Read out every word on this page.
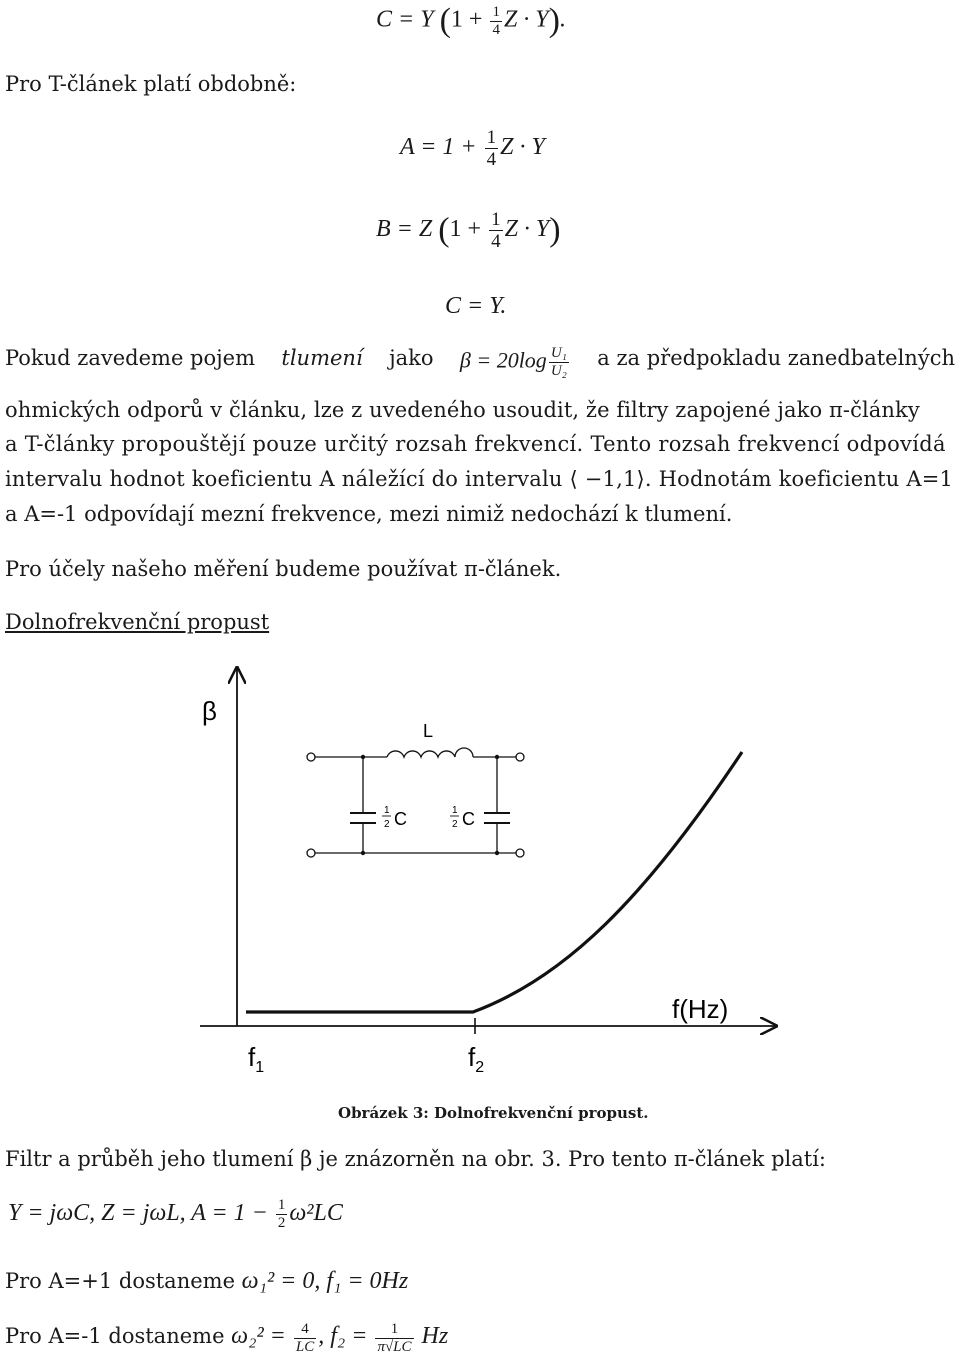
C = Y ($1 + \frac{1}{4}$ Z · Y).
Pro T-článek platí obdobně:
$A = 1 + \frac{1}{4}$ Z · Y
B = Z ($1 + \frac{1}{4}$ Z · Y)
C = Y.
Pokud zavedeme pojem tlumení jako $\beta = 20\log \frac{\text{U₁}}{\text{U₂}}$ a za předpokladu zanedbatelných
ohmických odporů v článku, lze z uvedeného usoudit, že filtry zapojené jako π-články
a T-články propouštějí pouze určitý rozsah frekvencí. Tento rozsah frekvencí odpovídá
intervalu hodnot koeficientu A náležící do intervalu ⟨ −1,1⟩. Hodnotám koeficientu A=1
a A=-1 odpovídají mezní frekvence, mezi nimiž nedochází k tlumení.
Pro účely našeho měření budeme používat π-článek.
Dolnofrekvenční propust
β
f(Hz)
$f_1$	$f_2$
L
1
2 C	1
2 C
Obrázek 3: Dolnofrekvenční propust.
Filtr a průběh jeho tlumení β je znázorněn na obr. 3. Pro tento π-článek platí:
Y = jωC, Z = jωL, $A = 1 - \frac{1}{2} \omega^2LC$
Pro A=+1 dostaneme ω₁² = 0, f₁ = 0Hz
Pro A=-1 dostaneme $\omega_2^2 = \frac{4}{LC}$ , $f_2 = \frac{1}{\pi√LC}$ Hz
